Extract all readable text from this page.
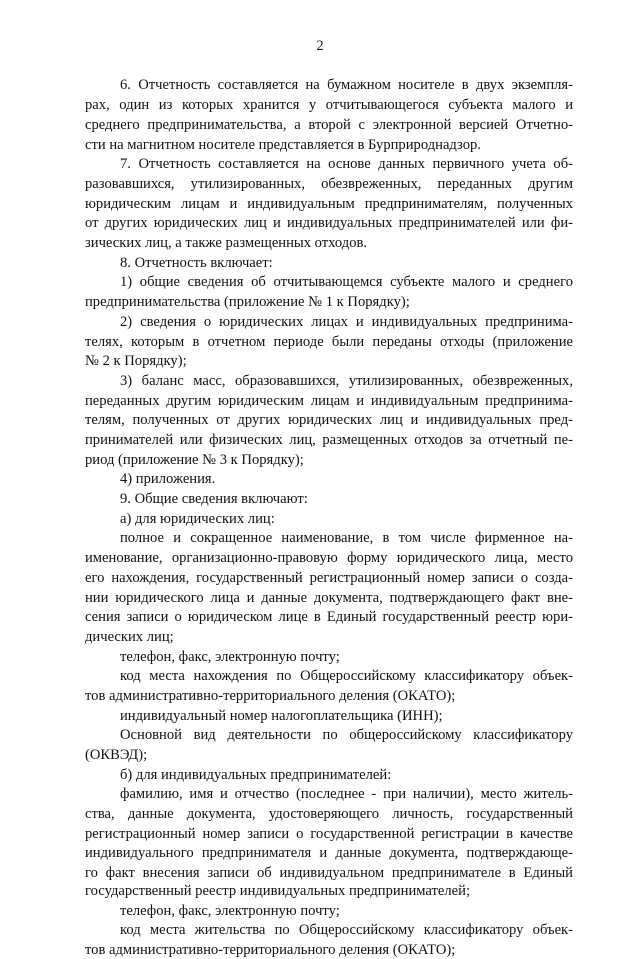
2
6. Отчетность составляется на бумажном носителе в двух экземпля-
рах, один из которых хранится у отчитывающегося субъекта малого и
среднего предпринимательства, а второй с электронной версией Отчетно-
сти на магнитном носителе представляется в Бурприроднадзор.
7. Отчетность составляется на основе данных первичного учета об-
разовавшихся, утилизированных, обезвреженных, переданных другим
юридическим лицам и индивидуальным предпринимателям, полученных
от других юридических лиц и индивидуальных предпринимателей или фи-
зических лиц, а также размещенных отходов.
8. Отчетность включает:
1) общие сведения об отчитывающемся субъекте малого и среднего
предпринимательства (приложение № 1 к Порядку);
2) сведения о юридических лицах и индивидуальных предпринима-
телях, которым в отчетном периоде были переданы отходы (приложение
№ 2 к Порядку);
3) баланс масс, образовавшихся, утилизированных, обезвреженных,
переданных другим юридическим лицам и индивидуальным предпринима-
телям, полученных от других юридических лиц и индивидуальных пред-
принимателей или физических лиц, размещенных отходов за отчетный пе-
риод (приложение № 3 к Порядку);
4) приложения.
9. Общие сведения включают:
а) для юридических лиц:
полное и сокращенное наименование, в том числе фирменное на-
именование, организационно-правовую форму юридического лица, место
его нахождения, государственный регистрационный номер записи о созда-
нии юридического лица и данные документа, подтверждающего факт вне-
сения записи о юридическом лице в Единый государственный реестр юри-
дических лиц;
телефон, факс, электронную почту;
код места нахождения по Общероссийскому классификатору объек-
тов административно-территориального деления (ОКАТО);
индивидуальный номер налогоплательщика (ИНН);
Основной вид деятельности по общероссийскому классификатору
(ОКВЭД);
б) для индивидуальных предпринимателей:
фамилию, имя и отчество (последнее - при наличии), место житель-
ства, данные документа, удостоверяющего личность, государственный
регистрационный номер записи о государственной регистрации в качестве
индивидуального предпринимателя и данные документа, подтверждающе-
го факт внесения записи об индивидуальном предпринимателе в Единый
государственный реестр индивидуальных предпринимателей;
телефон, факс, электронную почту;
код места жительства по Общероссийскому классификатору объек-
тов административно-территориального деления (ОКАТО);
